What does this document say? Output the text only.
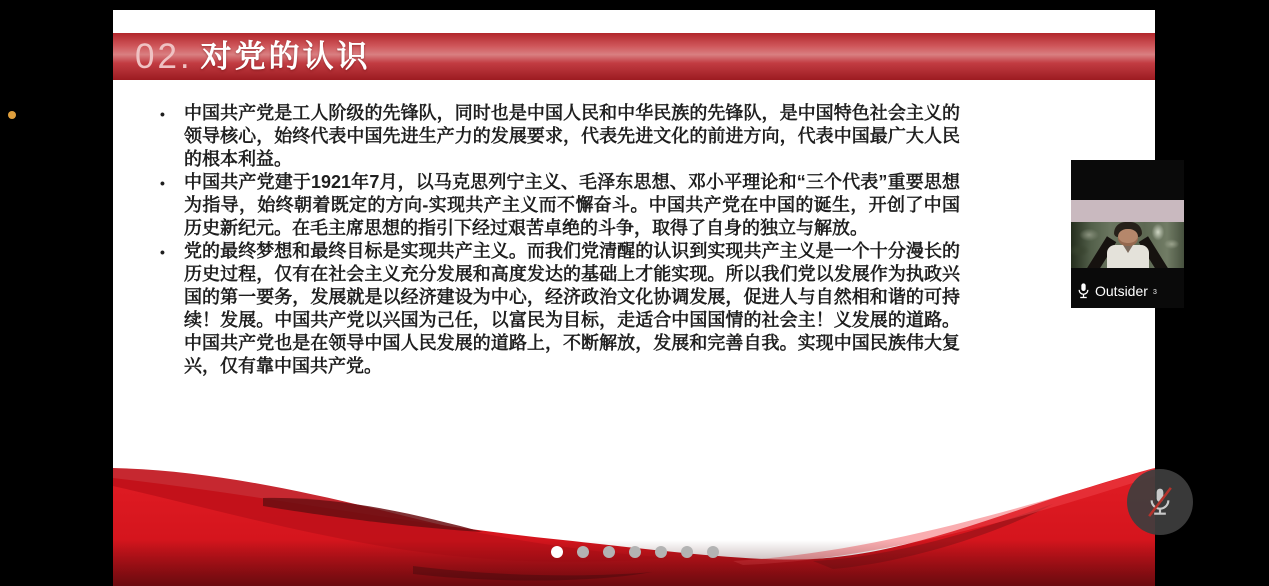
02. 对党的认识
•	中国共产党是工人阶级的先锋队，同时也是中国人民和中华民族的先锋队，是中国特色社会主义的领导核心，始终代表中国先进生产力的发展要求，代表先进文化的前进方向，代表中国最广大人民的根本利益。
•	中国共产党建于1921年7月，以马克思列宁主义、毛泽东思想、邓小平理论和“三个代表”重要思想为指导，始终朝着既定的方向-实现共产主义而不懈奋斗。中国共产党在中国的诞生，开创了中国历史新纪元。在毛主席思想的指引下经过艰苦卓绝的斗争，取得了自身的独立与解放。
•	党的最终梦想和最终目标是实现共产主义。而我们党清醒的认识到实现共产主义是一个十分漫长的历史过程，仅有在社会主义充分发展和高度发达的基础上才能实现。所以我们党以发展作为执政兴国的第一要务，发展就是以经济建设为中心，经济政治文化协调发展，促进人与自然相和谐的可持续！发展。中国共产党以兴国为己任，以富民为目标，走适合中国国情的社会主！义发展的道路。中国共产党也是在领导中国人民发展的道路上，不断解放，发展和完善自我。实现中国民族伟大复兴，仅有靠中国共产党。
Outsider ɜ
